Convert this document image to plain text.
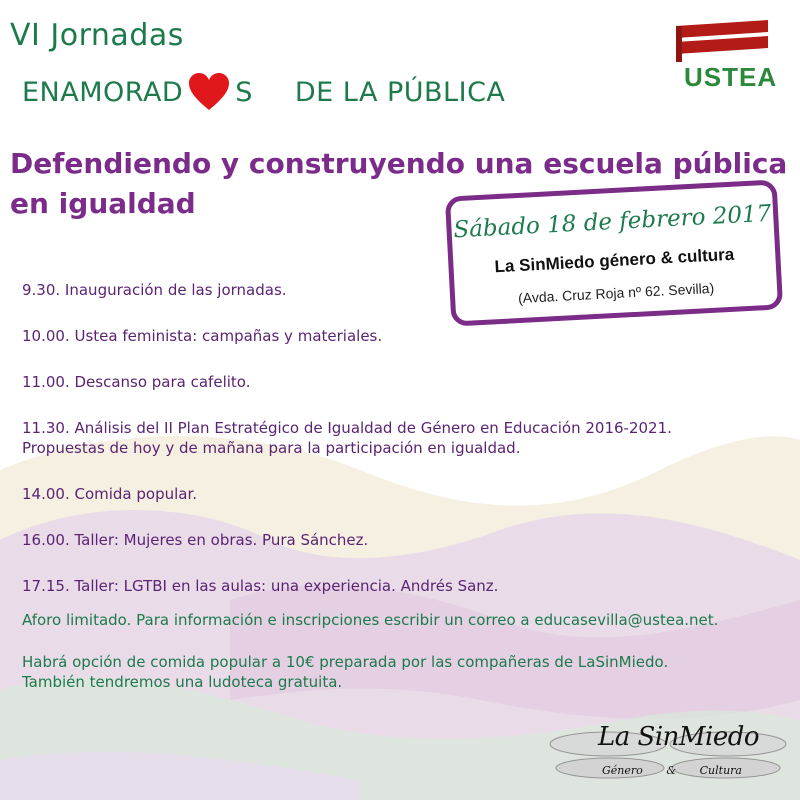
VI Jornadas
ENAMORAD S DE LA PÚBLICA	USTEA
Defendiendo y construyendo una escuela pública en igualdad	Sábado 18 de febrero 2017
La SinMiedo género & cultura
(Avda. Cruz Roja nº 62. Sevilla)
9.30. Inauguración de las jornadas.
10.00. Ustea feminista: campañas y materiales.
11.00. Descanso para cafelito.
11.30. Análisis del II Plan Estratégico de Igualdad de Género en Educación 2016-2021.
Propuestas de hoy y de mañana para la participación en igualdad.
14.00. Comida popular.
16.00. Taller: Mujeres en obras. Pura Sánchez.
17.15. Taller: LGTBI en las aulas: una experiencia. Andrés Sanz.
Aforo limitado. Para información e inscripciones escribir un correo a educasevilla@ustea.net.
Habrá opción de comida popular a 10€ preparada por las compañeras de LaSinMiedo.
También tendremos una ludoteca gratuita.
La SinMiedo
Género & Cultura
